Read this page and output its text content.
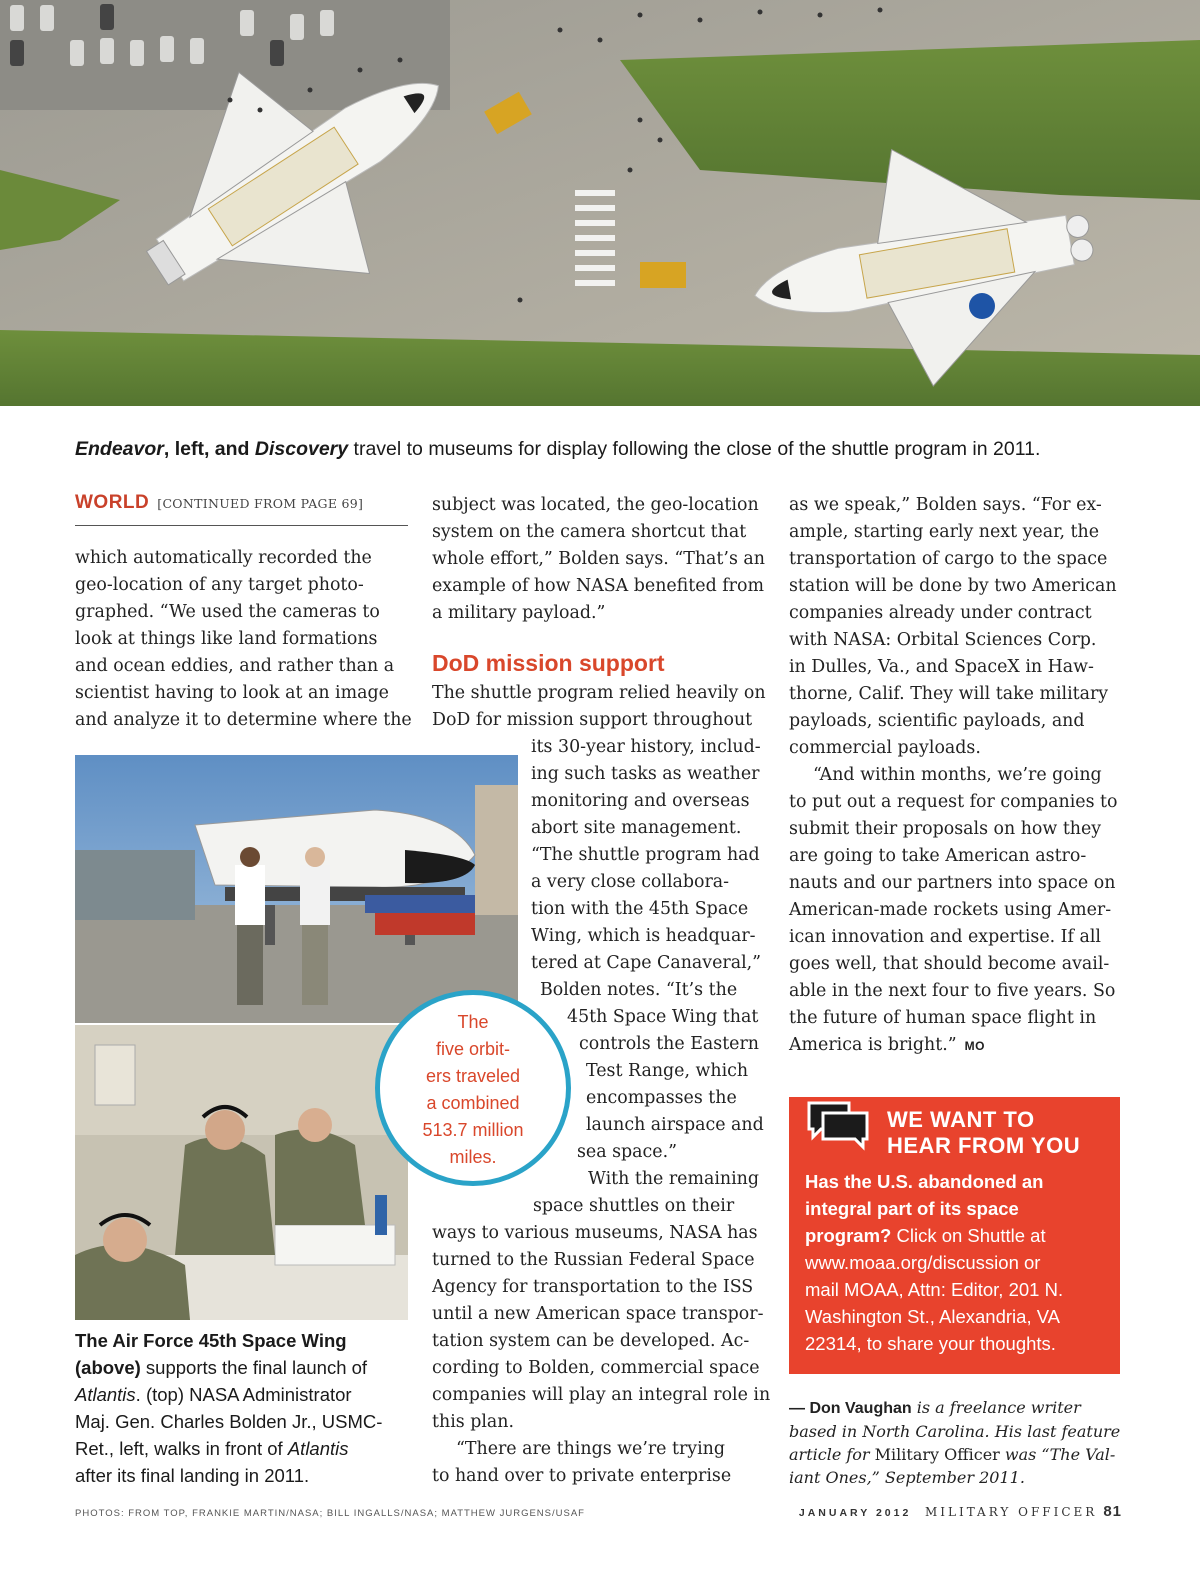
Endeavor, left, and Discovery travel to museums for display following the close of the shuttle program in 2011.

WORLD [CONTINUED FROM PAGE 69]

which automatically recorded the

geo-location of any target photo-

graphed. “We used the cameras to

look at things like land formations

and ocean eddies, and rather than a

scientist having to look at an image

and analyze it to determine where the

subject was located, the geo-location

system on the camera shortcut that

whole effort,” Bolden says. “That’s an

example of how NASA benefited from

a military payload.”

DoD mission support

The shuttle program relied heavily on

DoD for mission support throughout

its 30-year history, includ-

ing such tasks as weather

monitoring and overseas

abort site management.

“The shuttle program had

a very close collabora-

tion with the 45th Space

Wing, which is headquar-

tered at Cape Canaveral,”

Bolden notes. “It’s the

45th Space Wing that

controls the Eastern

Test Range, which

encompasses the

launch airspace and

sea space.”

With the remaining

space shuttles on their

ways to various museums, NASA has

turned to the Russian Federal Space

Agency for transportation to the ISS

until a new American space transpor-

tation system can be developed. Ac-

cording to Bolden, commercial space

companies will play an integral role in

this plan.

“There are things we’re trying

to hand over to private enterprise

as we speak,” Bolden says. “For ex-

ample, starting early next year, the

transportation of cargo to the space

station will be done by two American

companies already under contract

with NASA: Orbital Sciences Corp.

in Dulles, Va., and SpaceX in Haw-

thorne, Calif. They will take military

payloads, scientific payloads, and

commercial payloads.

“And within months, we’re going

to put out a request for companies to

submit their proposals on how they

are going to take American astro-

nauts and our partners into space on

American-made rockets using Amer-

ican innovation and expertise. If all

goes well, that should become avail-

able in the next four to five years. So

the future of human space flight in

America is bright.” MO

The

five orbit-

ers traveled

a combined

513.7 million

miles.

The Air Force 45th Space Wing

(above) supports the final launch of

Atlantis. (top) NASA Administrator

Maj. Gen. Charles Bolden Jr., USMC-

Ret., left, walks in front of Atlantis

after its final landing in 2011.

WE WANT TO

HEAR FROM YOU

Has the U.S. abandoned an

integral part of its space

program? Click on Shuttle at

www.moaa.org/discussion or

mail MOAA, Attn: Editor, 201 N.

Washington St., Alexandria, VA

22314, to share your thoughts.

— Don Vaughan is a freelance writer

based in North Carolina. His last feature

article for Military Officer was “The Val-

iant Ones,” September 2011.

PHOTOS: FROM TOP, FRANKIE MARTIN/NASA; BILL INGALLS/NASA; MATTHEW JURGENS/USAF	JANUARY 2012 MILITARY OFFICER 81
